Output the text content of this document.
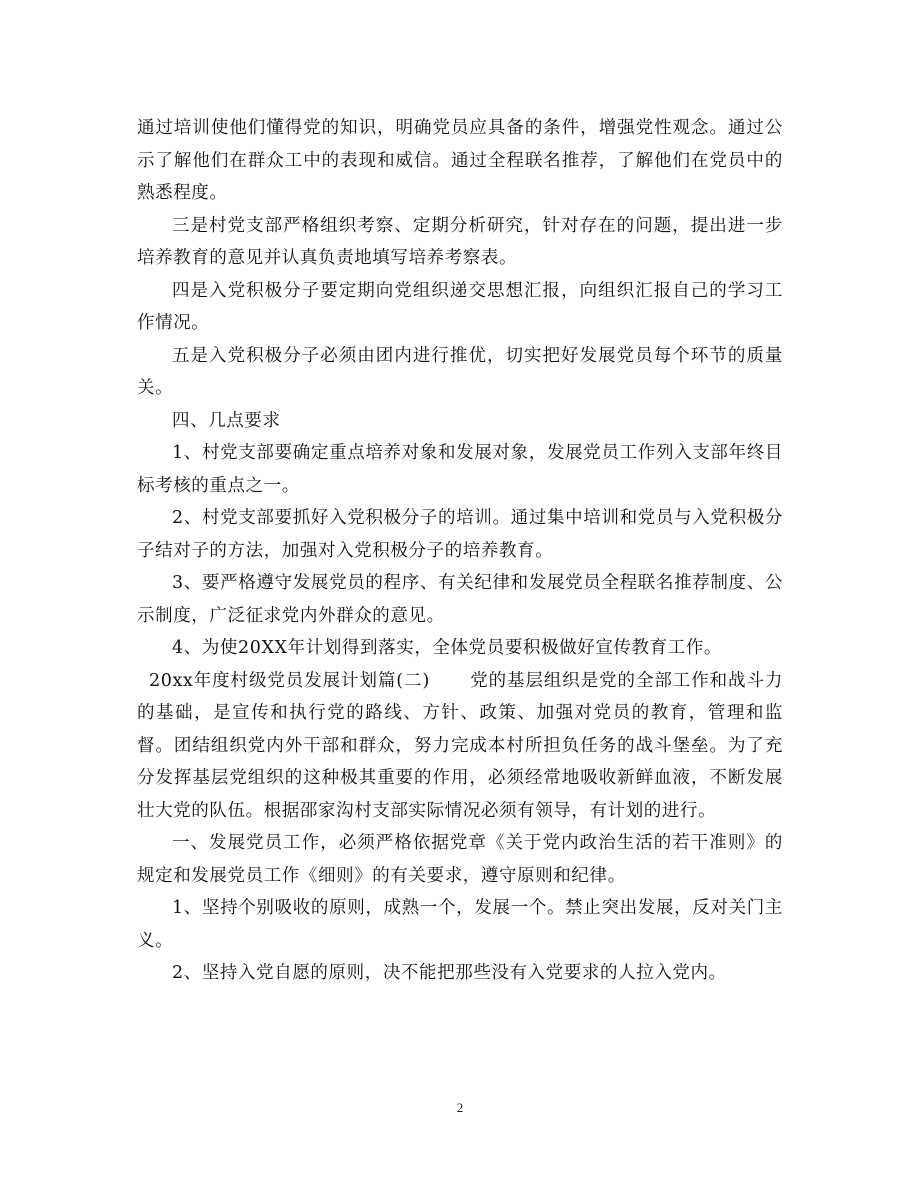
通过培训使他们懂得党的知识，明确党员应具备的条件，增强党性观念。通过公示了解他们在群众工中的表现和威信。通过全程联名推荐，了解他们在党员中的熟悉程度。

三是村党支部严格组织考察、定期分析研究，针对存在的问题，提出进一步培养教育的意见并认真负责地填写培养考察表。

四是入党积极分子要定期向党组织递交思想汇报，向组织汇报自己的学习工作情况。

五是入党积极分子必须由团内进行推优，切实把好发展党员每个环节的质量关。

四、几点要求

1、村党支部要确定重点培养对象和发展对象，发展党员工作列入支部年终目标考核的重点之一。

2、村党支部要抓好入党积极分子的培训。通过集中培训和党员与入党积极分子结对子的方法，加强对入党积极分子的培养教育。

3、要严格遵守发展党员的程序、有关纪律和发展党员全程联名推荐制度、公示制度，广泛征求党内外群众的意见。

4、为使20XX年计划得到落实，全体党员要积极做好宣传教育工作。

20xx年度村级党员发展计划篇(二) 党的基层组织是党的全部工作和战斗力的基础，是宣传和执行党的路线、方针、政策、加强对党员的教育，管理和监督。团结组织党内外干部和群众，努力完成本村所担负任务的战斗堡垒。为了充分发挥基层党组织的这种极其重要的作用，必须经常地吸收新鲜血液，不断发展壮大党的队伍。根据邵家沟村支部实际情况必须有领导，有计划的进行。

一、发展党员工作，必须严格依据党章《关于党内政治生活的若干准则》的规定和发展党员工作《细则》的有关要求，遵守原则和纪律。

1、坚持个别吸收的原则，成熟一个，发展一个。禁止突出发展，反对关门主义。

2、坚持入党自愿的原则，决不能把那些没有入党要求的人拉入党内。

2
